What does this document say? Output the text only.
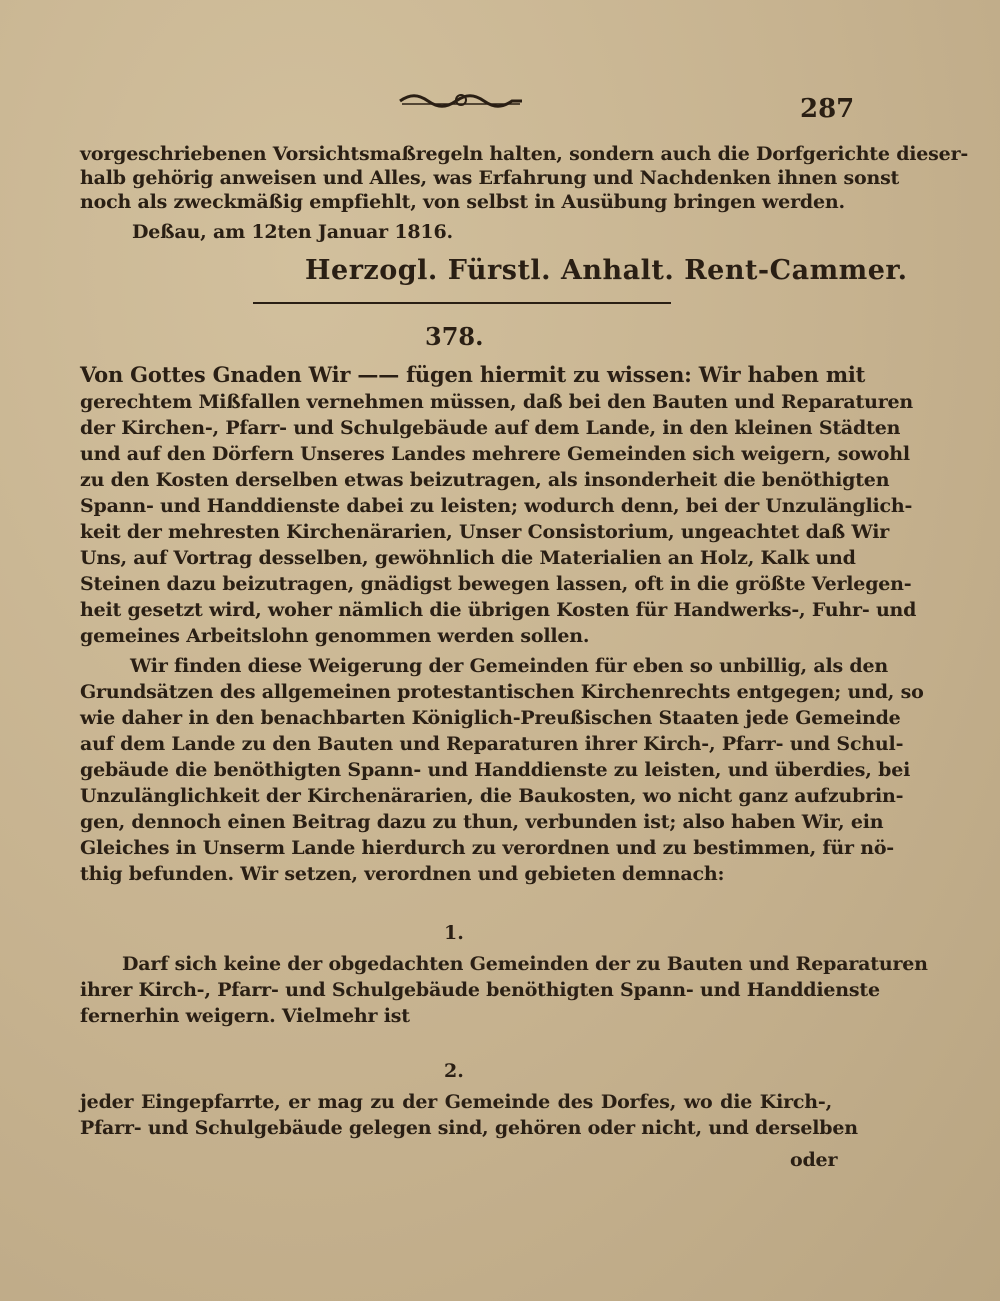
287
vorgeschriebenen Vorsichtsmaßregeln halten, sondern auch die Dorfgerichte dieser-
halb gehörig anweisen und Alles, was Erfahrung und Nachdenken ihnen sonst
noch als zweckmäßig empfiehlt, von selbst in Ausübung bringen werden.
Deßau, am 12ten Januar 1816.
Herzogl. Fürstl. Anhalt. Rent-Cammer.
378.
Von Gottes Gnaden Wir —— fügen hiermit zu wissen: Wir haben mit
gerechtem Mißfallen vernehmen müssen, daß bei den Bauten und Reparaturen
der Kirchen-, Pfarr- und Schulgebäude auf dem Lande, in den kleinen Städten
und auf den Dörfern Unseres Landes mehrere Gemeinden sich weigern, sowohl
zu den Kosten derselben etwas beizutragen, als insonderheit die benöthigten
Spann- und Handdienste dabei zu leisten; wodurch denn, bei der Unzulänglich-
keit der mehresten Kirchenärarien, Unser Consistorium, ungeachtet daß Wir
Uns, auf Vortrag desselben, gewöhnlich die Materialien an Holz, Kalk und
Steinen dazu beizutragen, gnädigst bewegen lassen, oft in die größte Verlegen-
heit gesetzt wird, woher nämlich die übrigen Kosten für Handwerks-, Fuhr- und
gemeines Arbeitslohn genommen werden sollen.
Wir finden diese Weigerung der Gemeinden für eben so unbillig, als den
Grundsätzen des allgemeinen protestantischen Kirchenrechts entgegen; und, so
wie daher in den benachbarten Königlich-Preußischen Staaten jede Gemeinde
auf dem Lande zu den Bauten und Reparaturen ihrer Kirch-, Pfarr- und Schul-
gebäude die benöthigten Spann- und Handdienste zu leisten, und überdies, bei
Unzulänglichkeit der Kirchenärarien, die Baukosten, wo nicht ganz aufzubrin-
gen, dennoch einen Beitrag dazu zu thun, verbunden ist; also haben Wir, ein
Gleiches in Unserm Lande hierdurch zu verordnen und zu bestimmen, für nö-
thig befunden. Wir setzen, verordnen und gebieten demnach:
1.
Darf sich keine der obgedachten Gemeinden der zu Bauten und Reparaturen
ihrer Kirch-, Pfarr- und Schulgebäude benöthigten Spann- und Handdienste
fernerhin weigern. Vielmehr ist
2.
jeder Eingepfarrte, er mag zu der Gemeinde des Dorfes, wo die Kirch-,
Pfarr- und Schulgebäude gelegen sind, gehören oder nicht, und derselben
oder
